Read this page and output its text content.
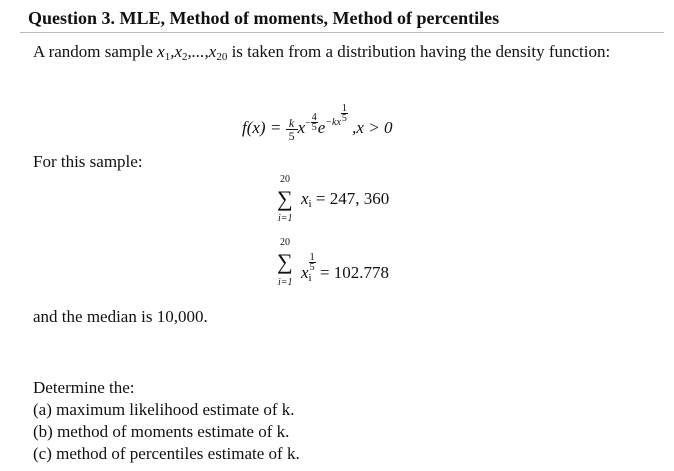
Question 3. MLE, Method of moments, Method of percentiles
A random sample $x_1,x_2,...,x_{20}$ is taken from a distribution having the density function:
$f(x) = \frac{k}{5} x- \frac{4}{5} e-kx \frac{1}{5}$
,x > 0
For this sample:
20
∑ $x_i = 247$, 360
i=1
20
∑ $x_i$
$\frac{1}{5}$
= 102.778
i=1
and the median is 10,000.
Determine the:
(a) maximum likelihood estimate of k.
(b) method of moments estimate of k.
(c) method of percentiles estimate of k.
